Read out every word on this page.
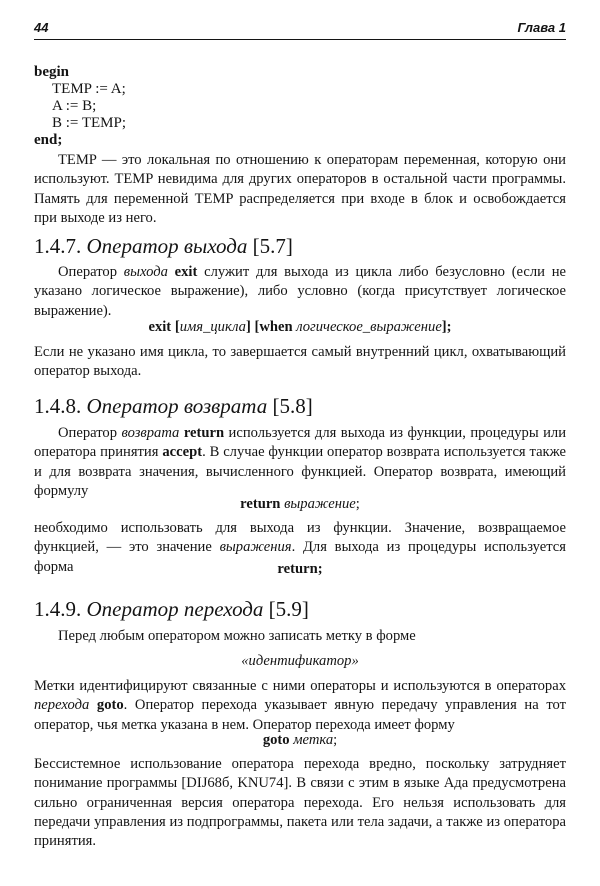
44	Глава 1
begin
TEMP := A;
A := B;
B := TEMP;
end;
TEMP — это локальная по отношению к операторам переменная, которую они используют. TEMP невидима для других операторов в остальной части программы. Память для переменной TEMP распределяется при входе в блок и освобождается при выходе из него.
1.4.7. Оператор выхода [5.7]
Оператор выхода exit служит для выхода из цикла либо безусловно (если не указано логическое выражение), либо условно (когда присутствует логическое выражение).
exit [имя_цикла] [when логическое_выражение];
Если не указано имя цикла, то завершается самый внутренний цикл, охватывающий оператор выхода.
1.4.8. Оператор возврата [5.8]
Оператор возврата return используется для выхода из функции, процедуры или оператора принятия accept. В случае функции оператор возврата используется также и для возврата значения, вычисленного функцией. Оператор возврата, имеющий формулу
return выражение;
необходимо использовать для выхода из функции. Значение, возвращаемое функцией, — это значение выражения. Для выхода из процедуры используется форма	return;
1.4.9. Оператор перехода [5.9]
Перед любым оператором можно записать метку в форме
«идентификатор»
Метки идентифицируют связанные с ними операторы и используются в операторах перехода goto. Оператор перехода указывает явную передачу управления на тот оператор, чья метка указана в нем. Оператор перехода имеет форму
goto метка;
Бессистемное использование оператора перехода вредно, поскольку затрудняет понимание программы [DIJ68б, KNU74]. В связи с этим в языке Ада предусмотрена сильно ограниченная версия оператора перехода. Его нельзя использовать для передачи управления из подпрограммы, пакета или тела задачи, а также из оператора принятия.
